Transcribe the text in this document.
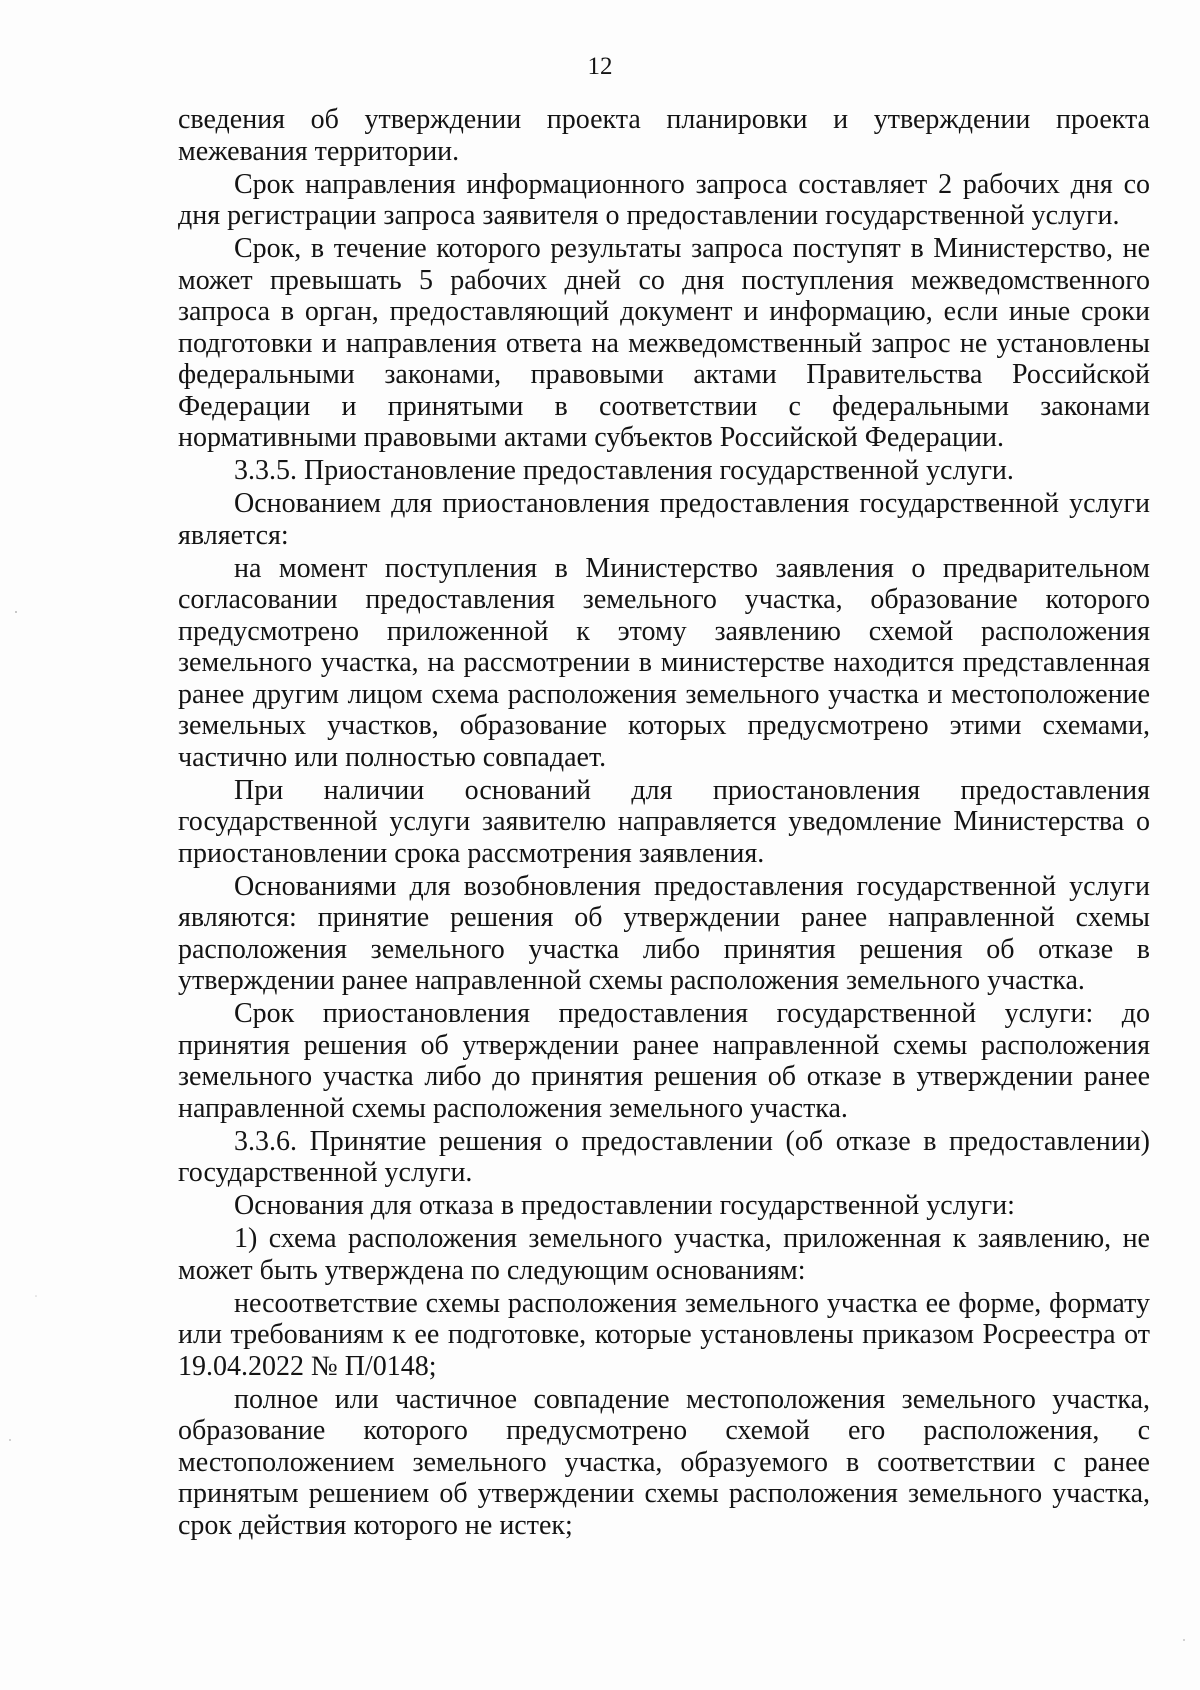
12

сведения об утверждении проекта планировки и утверждении проекта межевания территории.

Срок направления информационного запроса составляет 2 рабочих дня со дня регистрации запроса заявителя о предоставлении государственной услуги.

Срок, в течение которого результаты запроса поступят в Министерство, не может превышать 5 рабочих дней со дня поступления межведомственного запроса в орган, предоставляющий документ и информацию, если иные сроки подготовки и направления ответа на межведомственный запрос не установлены федеральными законами, правовыми актами Правительства Российской Федерации и принятыми в соответствии с федеральными законами нормативными правовыми актами субъектов Российской Федерации.

3.3.5. Приостановление предоставления государственной услуги.

Основанием для приостановления предоставления государственной услуги является:

на момент поступления в Министерство заявления о предварительном согласовании предоставления земельного участка, образование которого предусмотрено приложенной к этому заявлению схемой расположения земельного участка, на рассмотрении в министерстве находится представленная ранее другим лицом схема расположения земельного участка и местоположение земельных участков, образование которых предусмотрено этими схемами, частично или полностью совпадает.

При наличии оснований для приостановления предоставления государственной услуги заявителю направляется уведомление Министерства о приостановлении срока рассмотрения заявления.

Основаниями для возобновления предоставления государственной услуги являются: принятие решения об утверждении ранее направленной схемы расположения земельного участка либо принятия решения об отказе в утверждении ранее направленной схемы расположения земельного участка.

Срок приостановления предоставления государственной услуги: до принятия решения об утверждении ранее направленной схемы расположения земельного участка либо до принятия решения об отказе в утверждении ранее направленной схемы расположения земельного участка.

3.3.6. Принятие решения о предоставлении (об отказе в предоставлении) государственной услуги.

Основания для отказа в предоставлении государственной услуги:

1) схема расположения земельного участка, приложенная к заявлению, не может быть утверждена по следующим основаниям:

несоответствие схемы расположения земельного участка ее форме, формату или требованиям к ее подготовке, которые установлены приказом Росреестра от 19.04.2022 № П/0148;

полное или частичное совпадение местоположения земельного участка, образование которого предусмотрено схемой его расположения, с местоположением земельного участка, образуемого в соответствии с ранее принятым решением об утверждении схемы расположения земельного участка, срок действия которого не истек;
